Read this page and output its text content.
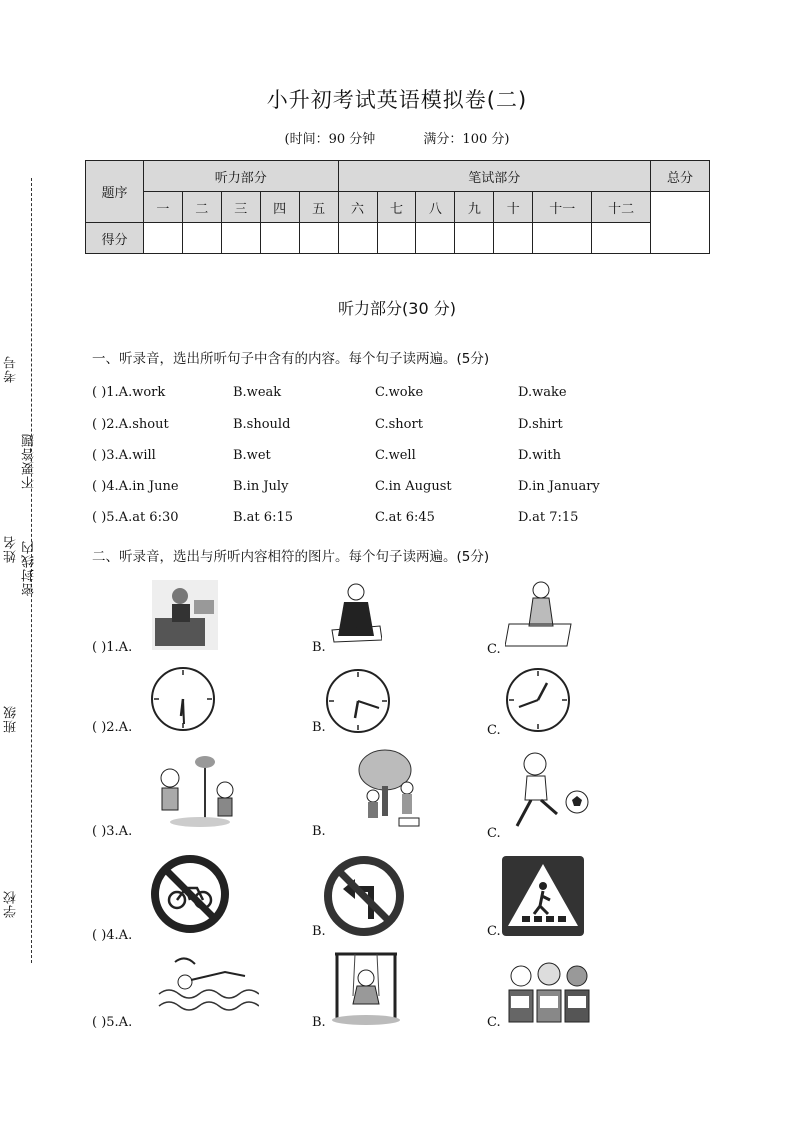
考号
不要答题
姓名 密封线内
班级
学校
小升初考试英语模拟卷(二)
(时间：90 分钟	满分：100 分)
题序	听力部分					笔试部分							总分
	一	二	三	四	五	六	七	八	九	十	十一	十二	
得分													
听力部分(30 分)
一、听录音，选出所听句子中含有的内容。每个句子读两遍。(5分)
( )1.A.work	B.weak	C.woke	D.wake
( )2.A.shout	B.should	C.short	D.shirt
( )3.A.will	B.wet	C.well	D.with
( )4.A.in June	B.in July	C.in August	D.in January
( )5.A.at 6:30	B.at 6:15	C.at 6:45	D.at 7:15
二、听录音，选出与所听内容相符的图片。每个句子读两遍。(5分)
( )1.A.	B.	C.
( )2.A.	B.	C.
( )3.A.	B.	C.
( )4.A.	B.	C.
( )5.A.	B.	C.
